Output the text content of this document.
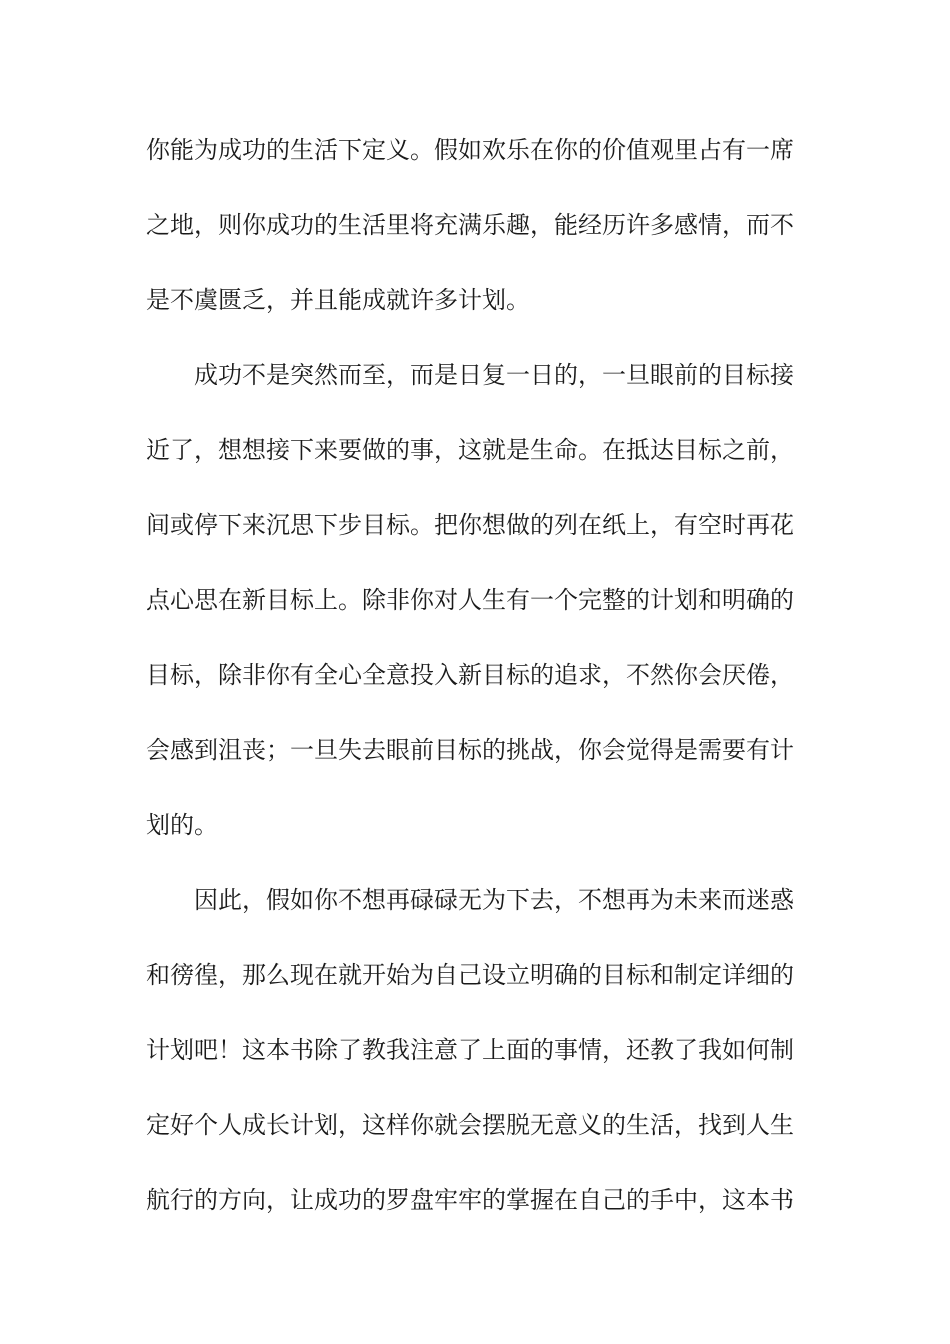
你能为成功的生活下定义。假如欢乐在你的价值观里占有一席
之地，则你成功的生活里将充满乐趣，能经历许多感情，而不
是不虞匮乏，并且能成就许多计划。
成功不是突然而至，而是日复一日的，一旦眼前的目标接
近了，想想接下来要做的事，这就是生命。在抵达目标之前，
间或停下来沉思下步目标。把你想做的列在纸上，有空时再花
点心思在新目标上。除非你对人生有一个完整的计划和明确的
目标，除非你有全心全意投入新目标的追求，不然你会厌倦，
会感到沮丧；一旦失去眼前目标的挑战，你会觉得是需要有计
划的。
因此，假如你不想再碌碌无为下去，不想再为未来而迷惑
和徬徨，那么现在就开始为自己设立明确的目标和制定详细的
计划吧！这本书除了教我注意了上面的事情，还教了我如何制
定好个人成长计划，这样你就会摆脱无意义的生活，找到人生
航行的方向，让成功的罗盘牢牢的掌握在自己的手中，这本书
